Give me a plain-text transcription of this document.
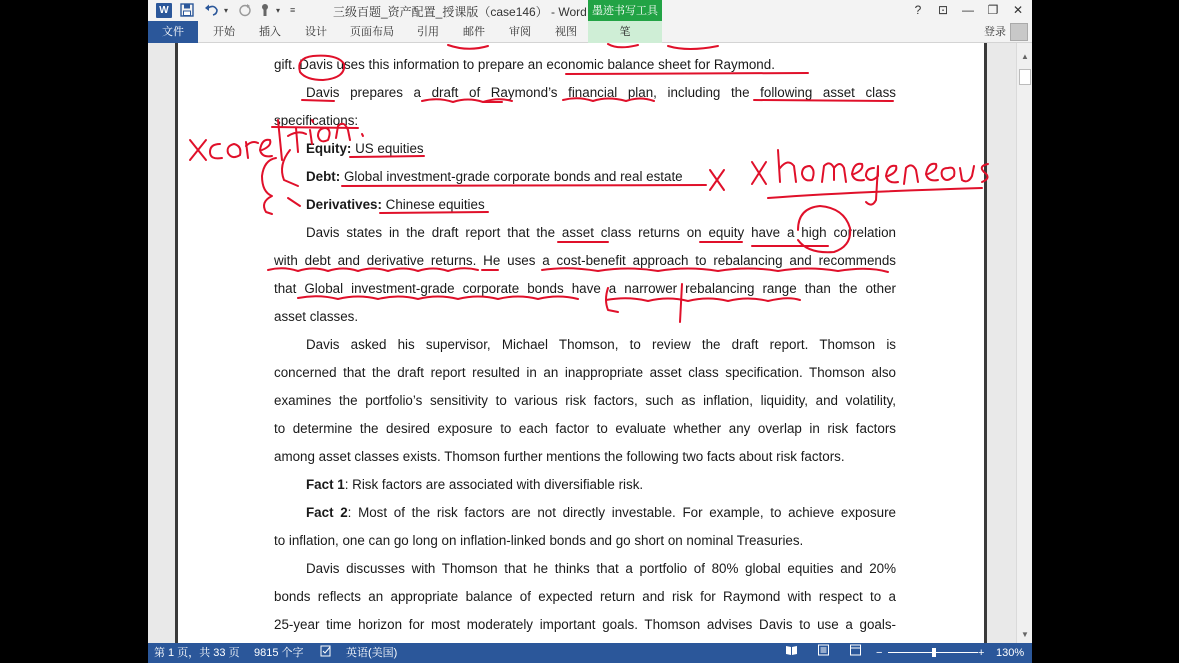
W	▾	▾ ≡	三级百题_资产配置_授课版（case146） - Word 墨迹书写工具	?	⊡	—	❐	✕
文件	开始	插入	设计	页面布局	引用	邮件	审阅	视图	笔	登录
gift. Davis uses this information to prepare an economic balance sheet for Raymond.
Davis prepares a draft of Raymond’s financial plan, including the following asset class
specifications:
Equity: US equities
Debt: Global investment-grade corporate bonds and real estate
Derivatives: Chinese equities
Davis states in the draft report that the asset class returns on equity have a high correlation
with debt and derivative returns. He uses a cost-benefit approach to rebalancing and recommends
that Global investment-grade corporate bonds have a narrower rebalancing range than the other
asset classes.
Davis asked his supervisor, Michael Thomson, to review the draft report. Thomson is
concerned that the draft report resulted in an inappropriate asset class specification. Thomson also
examines the portfolio’s sensitivity to various risk factors, such as inflation, liquidity, and volatility,
to determine the desired exposure to each factor to evaluate whether any overlap in risk factors
among asset classes exists. Thomson further mentions the following two facts about risk factors.
Fact 1: Risk factors are associated with diversifiable risk.
Fact 2: Most of the risk factors are not directly investable. For example, to achieve exposure
to inflation, one can go long on inflation-linked bonds and go short on nominal Treasuries.
Davis discusses with Thomson that he thinks that a portfolio of 80% global equities and 20%
bonds reflects an appropriate balance of expected return and risk for Raymond with respect to a
25-year time horizon for most moderately important goals. Thomson advises Davis to use a goals-
▲
▼
第 1 页，共 33 页 9815 个字	英语(美国)	−	+ 130%
